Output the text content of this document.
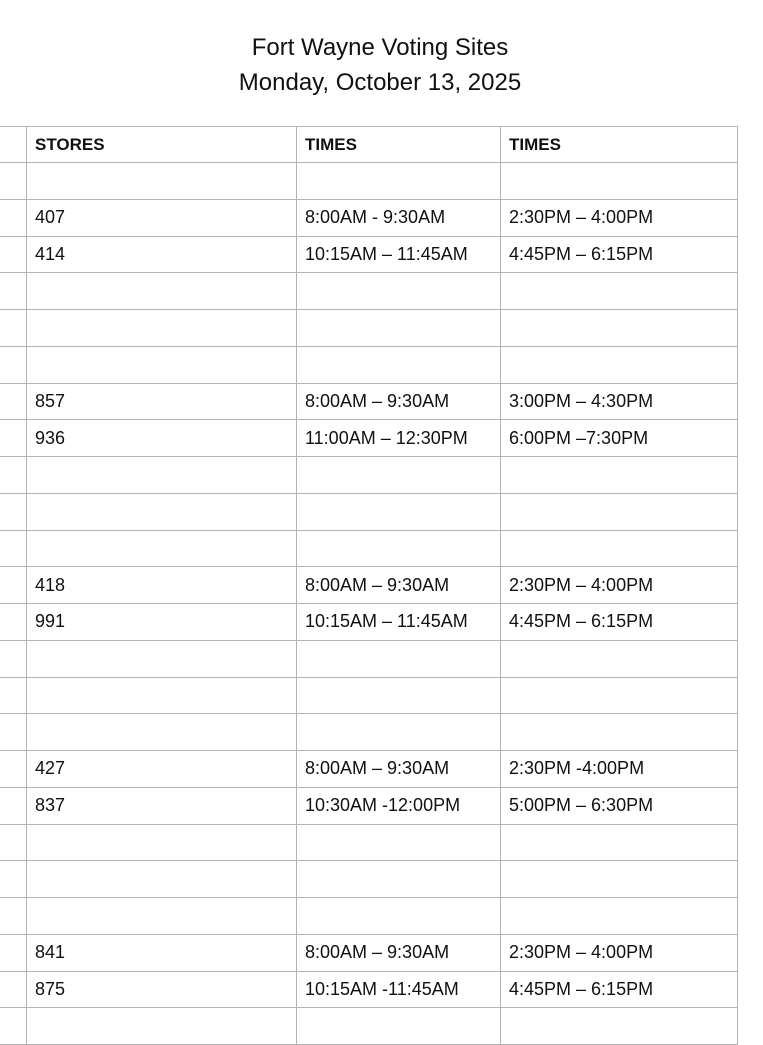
Fort Wayne Voting Sites
Monday, October 13, 2025
STORES	TIMES	TIMES
407	8:00AM - 9:30AM	2:30PM – 4:00PM
414	10:15AM – 11:45AM	4:45PM – 6:15PM
857	8:00AM – 9:30AM	3:00PM – 4:30PM
936	11:00AM – 12:30PM	6:00PM –7:30PM
418	8:00AM – 9:30AM	2:30PM – 4:00PM
991	10:15AM – 11:45AM	4:45PM – 6:15PM
427	8:00AM – 9:30AM	2:30PM -4:00PM
837	10:30AM -12:00PM	5:00PM – 6:30PM
841	8:00AM – 9:30AM	2:30PM – 4:00PM
875	10:15AM -11:45AM	4:45PM – 6:15PM
